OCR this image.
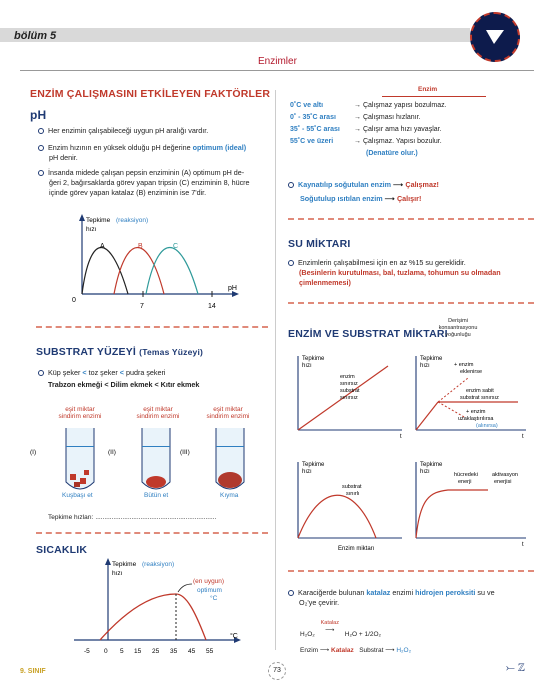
bölüm 5
Enzimler
ENZİM ÇALIŞMASINI ETKİLEYEN FAKTÖRLER
pH
Her enzimin çalışabileceği uygun pH aralığı vardır.
Enzim hızının en yüksek olduğu pH değerine optimum (ideal)
pH denir.
İnsanda midede çalışan pepsin enziminin (A) optimum pH de-
ğeri 2, bağırsaklarda görev yapan tripsin (C) enziminin 8, hücre
içinde görev yapan katalaz (B) enziminin ise 7'dir.
Tepkime (reaksiyon)
hızı
A	B	C
0
7	14
pH
SUBSTRAT YÜZEYİ (Temas Yüzeyi)
Küp şeker < toz şeker < pudra şekeri
Trabzon ekmeği < Dilim ekmek < Kıtır ekmek
eşit miktar
sindirim enzimi
eşit miktar
sindirim enzimi
eşit miktar
sindirim enzimi
(I)	(II)	(III)
Kuşbaşı et	Bütün et	Kıyma
Tepkime hızları: ...................................................................
SICAKLIK
Tepkime (reaksiyon)
hızı
(en uygun)
optimum
°C
°C
-5 0 5 15 25 35 45 55
Enzim
0˚C ve altı	→ Çalışmaz yapısı bozulmaz.
0˚ - 35˚C arası	→ Çalışması hızlanır.
35˚ - 55˚C arası → Çalışır ama hızı yavaşlar.
55˚C ve üzeri	→ Çalışmaz. Yapısı bozulur.
(Denatüre olur.)
Kaynatılıp soğutulan enzim ⟶ Çalışmaz!
Soğutulup ısıtılan enzim ⟶ Çalışır!
SU MİKTARI
Enzimlerin çalışabilmesi için en az %15 su gereklidir.
(Besinlerin kurutulması, bal, tuzlama, tohumun su olmadan
çimlenmemesi)
ENZİM VE SUBSTRAT MİKTARI
Derişimi
konsantrasyonu
yoğunluğu
t
Tepkime
hızı
enzim
sınırsız
substrat
sınırsız
t
Tepkime
hızı	+ enzim
eklenirse
enzim sabit
substrat sınırsız
+ enzim
uzaklaştırılırsa
(alınırsa)
Tepkime
hızı
substrat
sınırlı
Enzim miktarı
t
Tepkime
hızı	hücredeki
enerji
aktivasyon
enerjisi
Karaciğerde bulunan katalaz enzimi hidrojen peroksiti su ve
O₂'ye çevirir.
H₂O₂
Katalaz
⟶ H₂O + 1/2O₂
Enzim ⟶ Katalaz Substrat ⟶ H₂O₂
9. SINIF	73	⤚ ℤ
